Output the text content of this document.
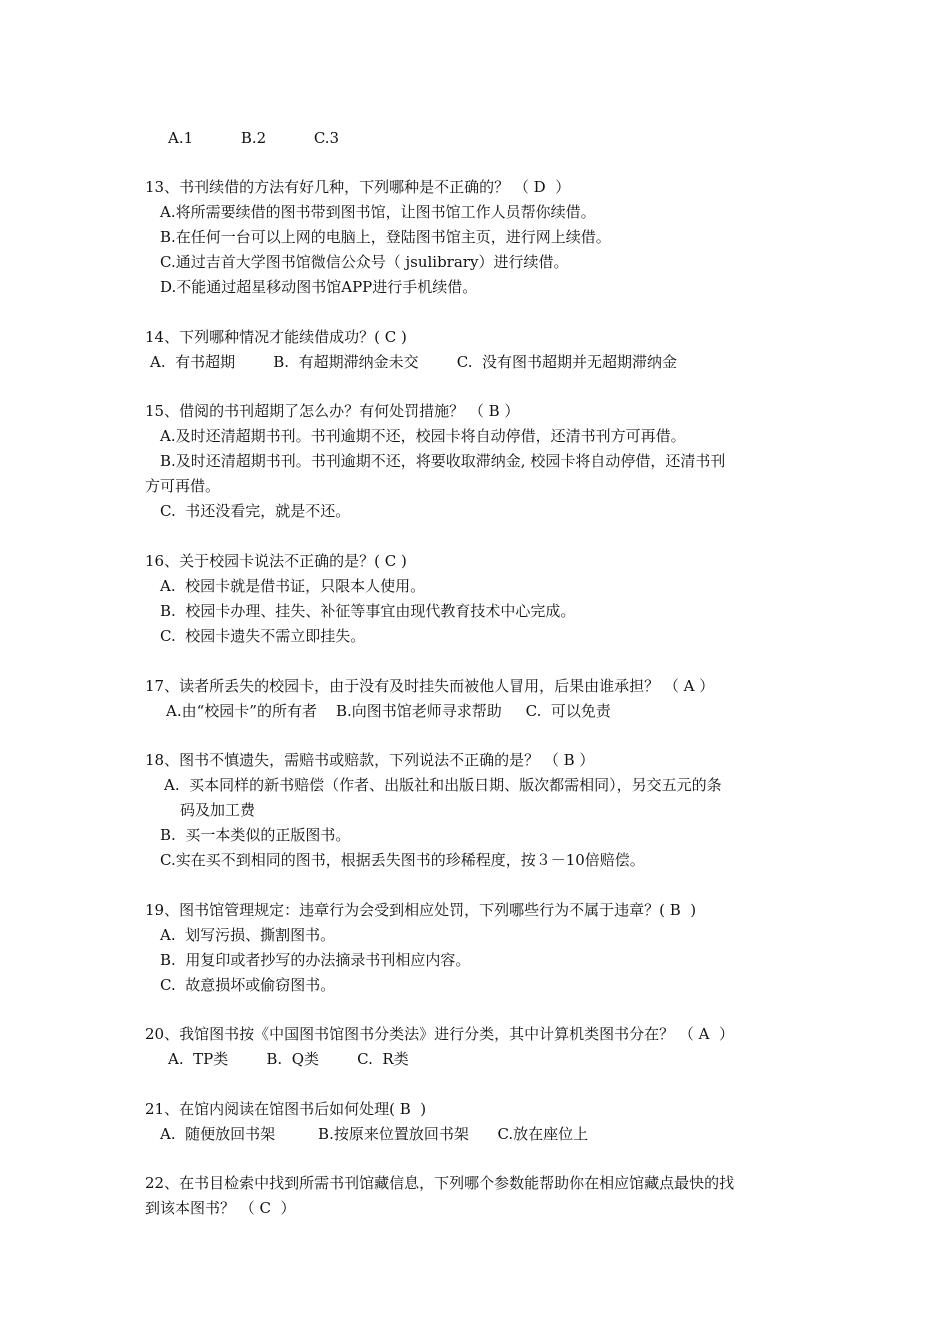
A.1          B.2          C.3
13、书刊续借的方法有好几种，下列哪种是不正确的？ （ D  ）
A.将所需要续借的图书带到图书馆，让图书馆工作人员帮你续借。
B.在任何一台可以上网的电脑上，登陆图书馆主页，进行网上续借。
C.通过吉首大学图书馆微信公众号（ jsulibrary）进行续借。
D.不能通过超星移动图书馆APP进行手机续借。
14、下列哪种情况才能续借成功？( C )
A.  有书超期        B.  有超期滞纳金未交        C.  没有图书超期并无超期滞纳金
15、借阅的书刊超期了怎么办？有何处罚措施？ （ B ）
A.及时还清超期书刊。书刊逾期不还，校园卡将自动停借，还清书刊方可再借。
B.及时还清超期书刊。书刊逾期不还，将要收取滞纳金, 校园卡将自动停借，还清书刊
方可再借。
C.  书还没看完，就是不还。
16、关于校园卡说法不正确的是？( C )
A.  校园卡就是借书证，只限本人使用。
B.  校园卡办理、挂失、补征等事宜由现代教育技术中心完成。
C.  校园卡遗失不需立即挂失。
17、读者所丢失的校园卡，由于没有及时挂失而被他人冒用，后果由谁承担？ （ A ）
A.由“校园卡”的所有者    B.向图书馆老师寻求帮助     C.  可以免责
18、图书不慎遗失，需赔书或赔款，下列说法不正确的是？ （ B ）
A.  买本同样的新书赔偿（作者、出版社和出版日期、版次都需相同），另交五元的条
码及加工费
B.  买一本类似的正版图书。
C.实在买不到相同的图书，根据丢失图书的珍稀程度，按３－10倍赔偿。
19、图书馆管理规定：违章行为会受到相应处罚，下列哪些行为不属于违章？( B  )
A.  划写污损、撕割图书。
B.  用复印或者抄写的办法摘录书刊相应内容。
C.  故意损坏或偷窃图书。
20、我馆图书按《中国图书馆图书分类法》进行分类，其中计算机类图书分在？ （ A  ）
A.  TP类        B.  Q类        C.  R类
21、在馆内阅读在馆图书后如何处理( B  )
A.  随便放回书架         B.按原来位置放回书架      C.放在座位上
22、在书目检索中找到所需书刊馆藏信息，下列哪个参数能帮助你在相应馆藏点最快的找
到该本图书？ （ C  ）
